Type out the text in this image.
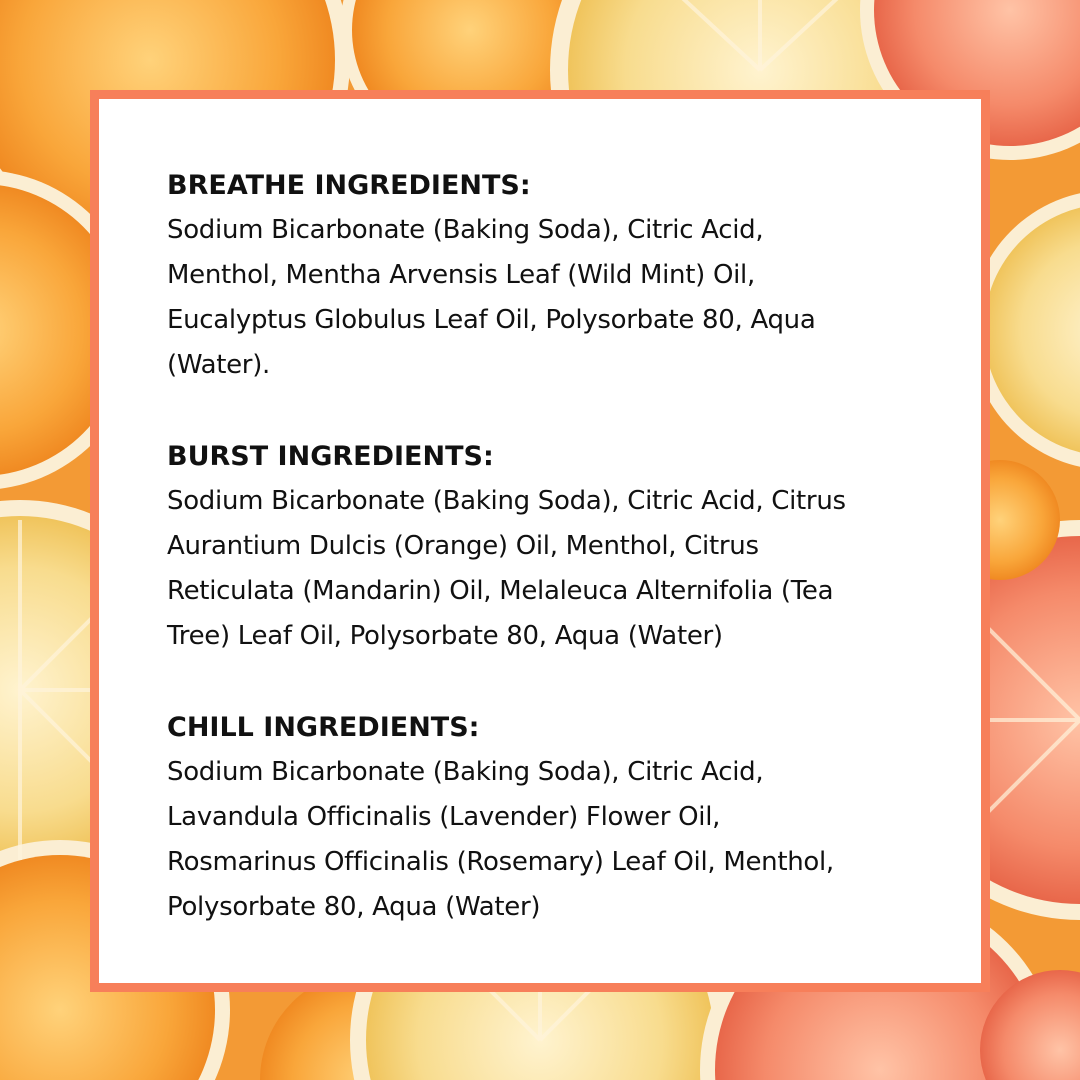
BREATHE INGREDIENTS:
Sodium Bicarbonate (Baking Soda), Citric Acid,
Menthol, Mentha Arvensis Leaf (Wild Mint) Oil,
Eucalyptus Globulus Leaf Oil, Polysorbate 80, Aqua
(Water).
BURST INGREDIENTS:
Sodium Bicarbonate (Baking Soda), Citric Acid, Citrus
Aurantium Dulcis (Orange) Oil, Menthol, Citrus
Reticulata (Mandarin) Oil, Melaleuca Alternifolia (Tea
Tree) Leaf Oil, Polysorbate 80, Aqua (Water)
CHILL INGREDIENTS:
Sodium Bicarbonate (Baking Soda), Citric Acid,
Lavandula Officinalis (Lavender) Flower Oil,
Rosmarinus Officinalis (Rosemary) Leaf Oil, Menthol,
Polysorbate 80, Aqua (Water)
